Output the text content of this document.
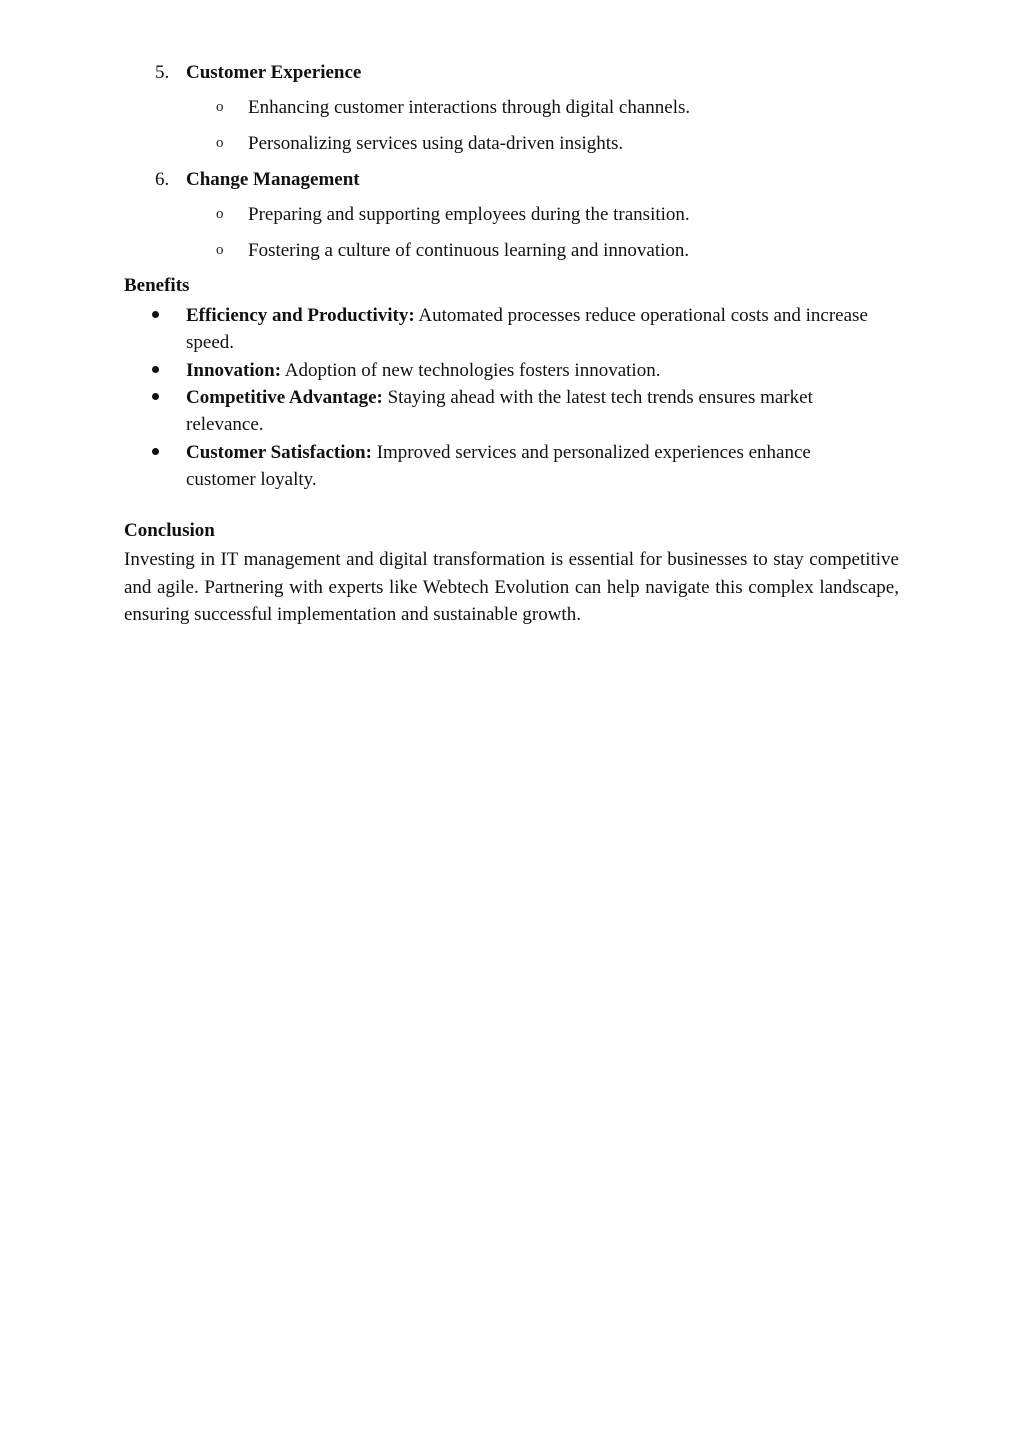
5. Customer Experience
o Enhancing customer interactions through digital channels.
o Personalizing services using data-driven insights.
6. Change Management
o Preparing and supporting employees during the transition.
o Fostering a culture of continuous learning and innovation.
Benefits
Efficiency and Productivity: Automated processes reduce operational costs and increase speed.
Innovation: Adoption of new technologies fosters innovation.
Competitive Advantage: Staying ahead with the latest tech trends ensures market relevance.
Customer Satisfaction: Improved services and personalized experiences enhance customer loyalty.
Conclusion
Investing in IT management and digital transformation is essential for businesses to stay competitive and agile. Partnering with experts like Webtech Evolution can help navigate this complex landscape, ensuring successful implementation and sustainable growth.
